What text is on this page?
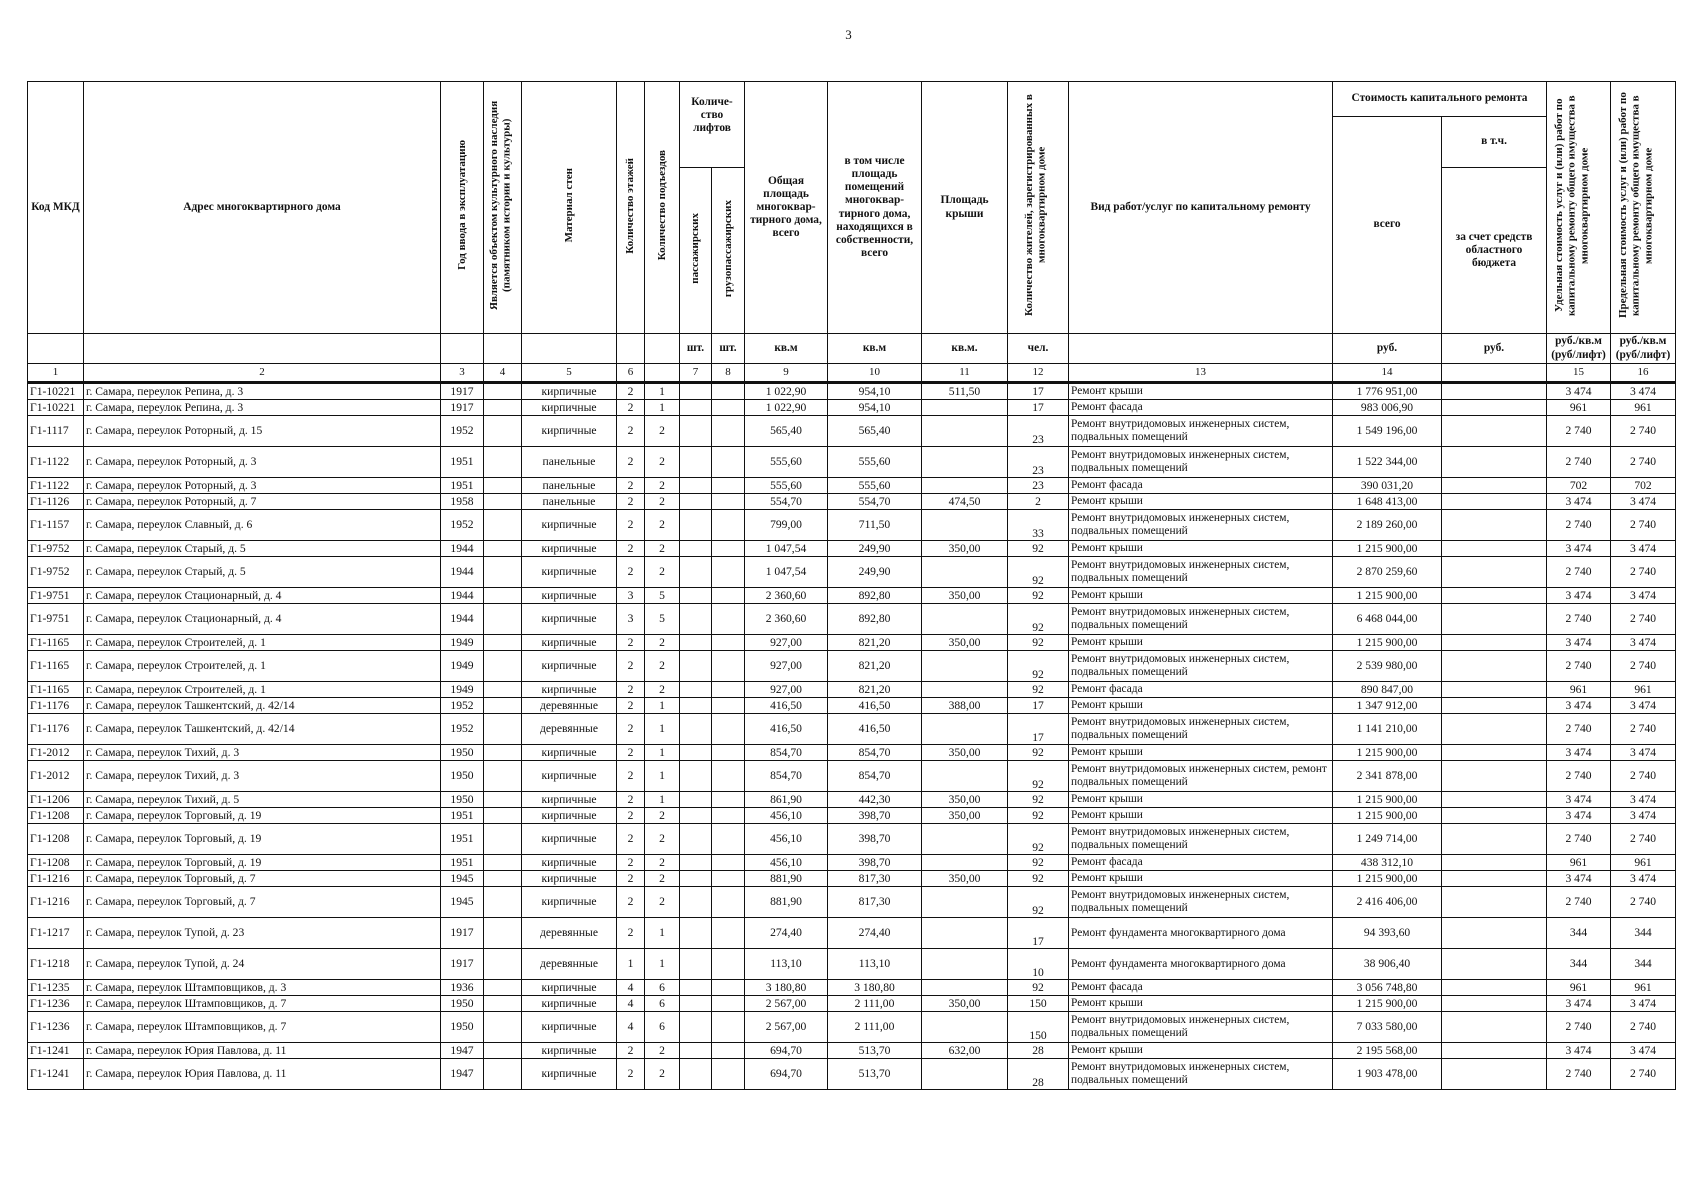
3
Код МКД	Адрес многоквартирного дома	Год ввода в эксплуатацию	Является объектом культурного наследия (памятником истории и культуры)	Материал стен	Количество этажей	Количество подъездов	Количе-ство лифтов		Общая площадь многоквар-тирного дома, всего	в том числе площадь помещений многоквар-тирного дома, находящихся в собственности, всего	Площадь крыши	Количество жителей, зарегистрированных в многоквартирном доме	Вид работ/услуг по капитальному ремонту	Стоимость капитального ремонта		Удельная стоимость услуг и (или) работ по капитальному ремонту общего имущества в многоквартирном доме	Предельная стоимость услуг и (или) работ по капитальному ремонту общего имущества в многоквартирном доме
														всего	в т.ч.		
							пассажирских	грузопассажирских							за счет средств областного бюджета		
							шт.	шт.	кв.м	кв.м	кв.м.	чел.		руб.	руб.	руб./кв.м (руб/лифт)	руб./кв.м (руб/лифт)
1	2	3	4	5	6		7	8	9	10	11	12	13	14		15	16
Г1-10221	г. Самара, переулок Репина, д. 3	1917		кирпичные	2	1			1 022,90	954,10	511,50	17	Ремонт крыши	1 776 951,00		3 474	3 474
Г1-10221	г. Самара, переулок Репина, д. 3	1917		кирпичные	2	1			1 022,90	954,10		17	Ремонт фасада	983 006,90		961	961
Г1-1117	г. Самара, переулок Роторный, д. 15	1952		кирпичные	2	2			565,40	565,40		23	Ремонт внутридомовых инженерных систем, подвальных помещений	1 549 196,00		2 740	2 740
Г1-1122	г. Самара, переулок Роторный, д. 3	1951		панельные	2	2			555,60	555,60		23	Ремонт внутридомовых инженерных систем, подвальных помещений	1 522 344,00		2 740	2 740
Г1-1122	г. Самара, переулок Роторный, д. 3	1951		панельные	2	2			555,60	555,60		23	Ремонт фасада	390 031,20		702	702
Г1-1126	г. Самара, переулок Роторный, д. 7	1958		панельные	2	2			554,70	554,70	474,50	2	Ремонт крыши	1 648 413,00		3 474	3 474
Г1-1157	г. Самара, переулок Славный, д. 6	1952		кирпичные	2	2			799,00	711,50		33	Ремонт внутридомовых инженерных систем, подвальных помещений	2 189 260,00		2 740	2 740
Г1-9752	г. Самара, переулок Старый, д. 5	1944		кирпичные	2	2			1 047,54	249,90	350,00	92	Ремонт крыши	1 215 900,00		3 474	3 474
Г1-9752	г. Самара, переулок Старый, д. 5	1944		кирпичные	2	2			1 047,54	249,90		92	Ремонт внутридомовых инженерных систем, подвальных помещений	2 870 259,60		2 740	2 740
Г1-9751	г. Самара, переулок Стационарный, д. 4	1944		кирпичные	3	5			2 360,60	892,80	350,00	92	Ремонт крыши	1 215 900,00		3 474	3 474
Г1-9751	г. Самара, переулок Стационарный, д. 4	1944		кирпичные	3	5			2 360,60	892,80		92	Ремонт внутридомовых инженерных систем, подвальных помещений	6 468 044,00		2 740	2 740
Г1-1165	г. Самара, переулок Строителей, д. 1	1949		кирпичные	2	2			927,00	821,20	350,00	92	Ремонт крыши	1 215 900,00		3 474	3 474
Г1-1165	г. Самара, переулок Строителей, д. 1	1949		кирпичные	2	2			927,00	821,20		92	Ремонт внутридомовых инженерных систем, подвальных помещений	2 539 980,00		2 740	2 740
Г1-1165	г. Самара, переулок Строителей, д. 1	1949		кирпичные	2	2			927,00	821,20		92	Ремонт фасада	890 847,00		961	961
Г1-1176	г. Самара, переулок Ташкентский, д. 42/14	1952		деревянные	2	1			416,50	416,50	388,00	17	Ремонт крыши	1 347 912,00		3 474	3 474
Г1-1176	г. Самара, переулок Ташкентский, д. 42/14	1952		деревянные	2	1			416,50	416,50		17	Ремонт внутридомовых инженерных систем, подвальных помещений	1 141 210,00		2 740	2 740
Г1-2012	г. Самара, переулок Тихий, д. 3	1950		кирпичные	2	1			854,70	854,70	350,00	92	Ремонт крыши	1 215 900,00		3 474	3 474
Г1-2012	г. Самара, переулок Тихий, д. 3	1950		кирпичные	2	1			854,70	854,70		92	Ремонт внутридомовых инженерных систем, ремонт подвальных помещений	2 341 878,00		2 740	2 740
Г1-1206	г. Самара, переулок Тихий, д. 5	1950		кирпичные	2	1			861,90	442,30	350,00	92	Ремонт крыши	1 215 900,00		3 474	3 474
Г1-1208	г. Самара, переулок Торговый, д. 19	1951		кирпичные	2	2			456,10	398,70	350,00	92	Ремонт крыши	1 215 900,00		3 474	3 474
Г1-1208	г. Самара, переулок Торговый, д. 19	1951		кирпичные	2	2			456,10	398,70		92	Ремонт внутридомовых инженерных систем, подвальных помещений	1 249 714,00		2 740	2 740
Г1-1208	г. Самара, переулок Торговый, д. 19	1951		кирпичные	2	2			456,10	398,70		92	Ремонт фасада	438 312,10		961	961
Г1-1216	г. Самара, переулок Торговый, д. 7	1945		кирпичные	2	2			881,90	817,30	350,00	92	Ремонт крыши	1 215 900,00		3 474	3 474
Г1-1216	г. Самара, переулок Торговый, д. 7	1945		кирпичные	2	2			881,90	817,30		92	Ремонт внутридомовых инженерных систем, подвальных помещений	2 416 406,00		2 740	2 740
Г1-1217	г. Самара, переулок Тупой, д. 23	1917		деревянные	2	1			274,40	274,40		17	Ремонт фундамента многоквартирного дома	94 393,60		344	344
Г1-1218	г. Самара, переулок Тупой, д. 24	1917		деревянные	1	1			113,10	113,10		10	Ремонт фундамента многоквартирного дома	38 906,40		344	344
Г1-1235	г. Самара, переулок Штамповщиков, д. 3	1936		кирпичные	4	6			3 180,80	3 180,80		92	Ремонт фасада	3 056 748,80		961	961
Г1-1236	г. Самара, переулок Штамповщиков, д. 7	1950		кирпичные	4	6			2 567,00	2 111,00	350,00	150	Ремонт крыши	1 215 900,00		3 474	3 474
Г1-1236	г. Самара, переулок Штамповщиков, д. 7	1950		кирпичные	4	6			2 567,00	2 111,00		150	Ремонт внутридомовых инженерных систем, подвальных помещений	7 033 580,00		2 740	2 740
Г1-1241	г. Самара, переулок Юрия Павлова, д. 11	1947		кирпичные	2	2			694,70	513,70	632,00	28	Ремонт крыши	2 195 568,00		3 474	3 474
Г1-1241	г. Самара, переулок Юрия Павлова, д. 11	1947		кирпичные	2	2			694,70	513,70		28	Ремонт внутридомовых инженерных систем, подвальных помещений	1 903 478,00		2 740	2 740
